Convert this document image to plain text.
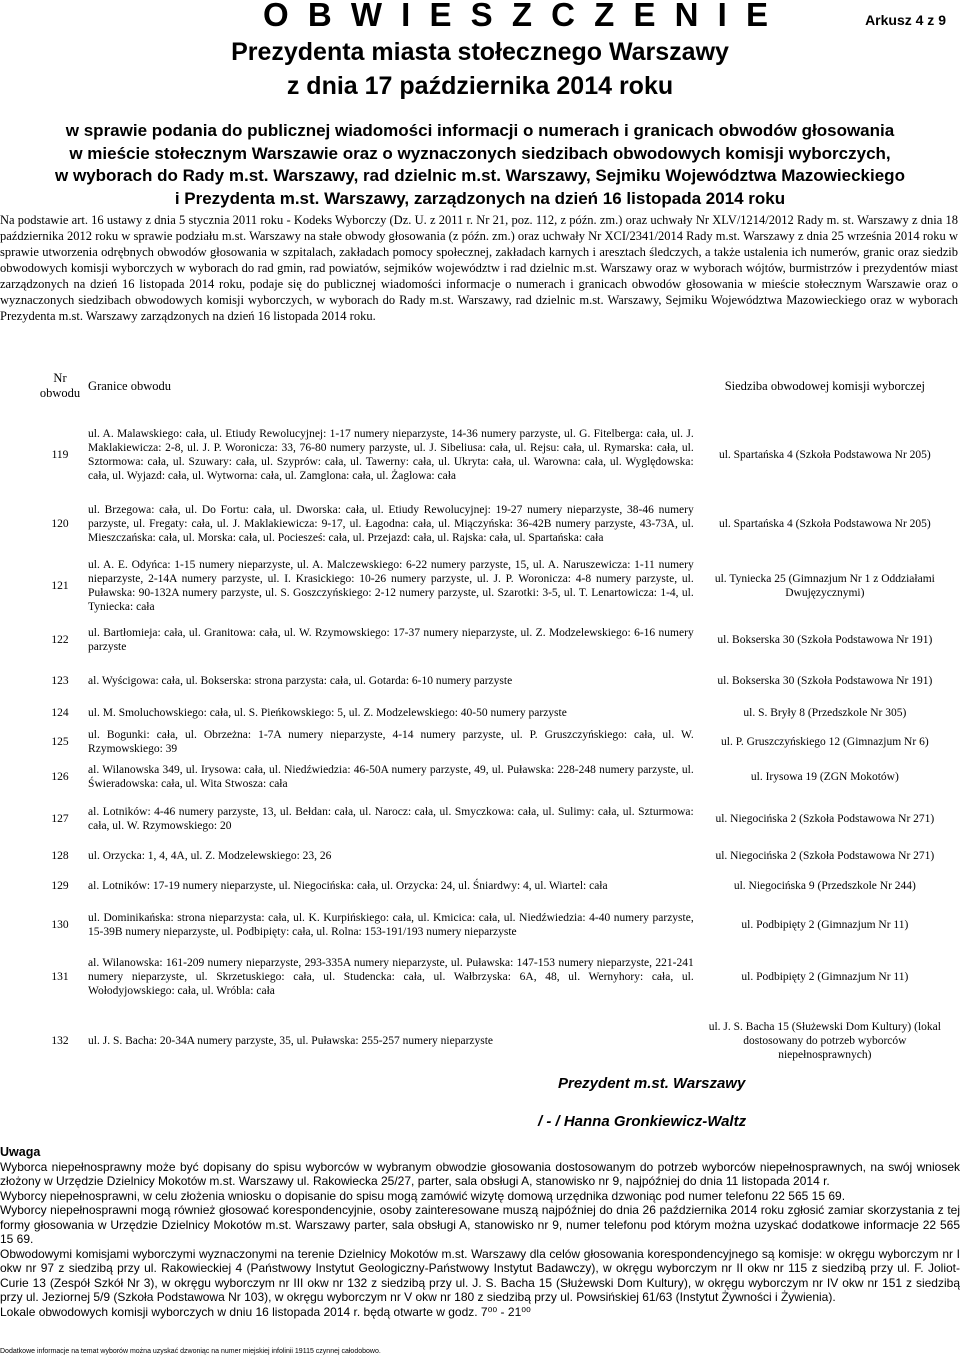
O B W I E S Z C Z E N I E	Arkusz 4 z 9
Prezydenta miasta stołecznego Warszawy
z dnia 17 października 2014 roku
w sprawie podania do publicznej wiadomości informacji o numerach i granicach obwodów głosowania
w mieście stołecznym Warszawie oraz o wyznaczonych siedzibach obwodowych komisji wyborczych,
w wyborach do Rady m.st. Warszawy, rad dzielnic m.st. Warszawy, Sejmiku Województwa Mazowieckiego
i Prezydenta m.st. Warszawy, zarządzonych na dzień 16 listopada 2014 roku
Na podstawie art. 16 ustawy z dnia 5 stycznia 2011 roku - Kodeks Wyborczy (Dz. U. z 2011 r. Nr 21, poz. 112, z późn. zm.) oraz uchwały Nr XLV/1214/2012 Rady m. st. Warszawy z dnia 18 października 2012 roku w sprawie podziału m.st. Warszawy na stałe obwody głosowania (z późn. zm.) oraz uchwały Nr XCI/2341/2014 Rady m.st. Warszawy z dnia 25 września 2014 roku w sprawie utworzenia odrębnych obwodów głosowania w szpitalach, zakładach pomocy społecznej, zakładach karnych i aresztach śledczych, a także ustalenia ich numerów, granic oraz siedzib obwodowych komisji wyborczych w wyborach do rad gmin, rad powiatów, sejmików województw i rad dzielnic m.st. Warszawy oraz w wyborach wójtów, burmistrzów i prezydentów miast zarządzonych na dzień 16 listopada 2014 roku, podaje się do publicznej wiadomości informacje o numerach i granicach obwodów głosowania w mieście stołecznym Warszawie oraz o wyznaczonych siedzibach obwodowych komisji wyborczych, w wyborach do Rady m.st. Warszawy, rad dzielnic m.st. Warszawy, Sejmiku Województwa Mazowieckiego oraz w wyborach Prezydenta m.st. Warszawy zarządzonych na dzień 16 listopada 2014 roku.
Nr obwodu	Granice obwodu	Siedziba obwodowej komisji wyborczej
119	ul. A. Malawskiego: cała, ul. Etiudy Rewolucyjnej: 1-17 numery nieparzyste, 14-36 numery parzyste, ul. G. Fitelberga: cała, ul. J. Maklakiewicza: 2-8, ul. J. P. Woronicza: 33, 76-80 numery parzyste, ul. J. Sibeliusa: cała, ul. Rejsu: cała, ul. Rymarska: cała, ul. Sztormowa: cała, ul. Szuwary: cała, ul. Szyprów: cała, ul. Tawerny: cała, ul. Ukryta: cała, ul. Warowna: cała, ul. Wyględowska: cała, ul. Wyjazd: cała, ul. Wytworna: cała, ul. Zamglona: cała, ul. Żaglowa: cała	ul. Spartańska 4 (Szkoła Podstawowa Nr 205)
120	ul. Brzegowa: cała, ul. Do Fortu: cała, ul. Dworska: cała, ul. Etiudy Rewolucyjnej: 19-27 numery nieparzyste, 38-46 numery parzyste, ul. Fregaty: cała, ul. J. Maklakiewicza: 9-17, ul. Łagodna: cała, ul. Miączyńska: 36-42B numery parzyste, 43-73A, ul. Mieszczańska: cała, ul. Morska: cała, ul. Pociesześ: cała, ul. Przejazd: cała, ul. Rajska: cała, ul. Spartańska: cała	ul. Spartańska 4 (Szkoła Podstawowa Nr 205)
121	ul. A. E. Odyńca: 1-15 numery nieparzyste, ul. A. Malczewskiego: 6-22 numery parzyste, 15, ul. A. Naruszewicza: 1-11 numery nieparzyste, 2-14A numery parzyste, ul. I. Krasickiego: 10-26 numery parzyste, ul. J. P. Woronicza: 4-8 numery parzyste, ul. Puławska: 90-132A numery parzyste, ul. S. Goszczyńskiego: 2-12 numery parzyste, ul. Szarotki: 3-5, ul. T. Lenartowicza: 1-4, ul. Tyniecka: cała	ul. Tyniecka 25 (Gimnazjum Nr 1 z Oddziałami Dwujęzycznymi)
122	ul. Bartłomieja: cała, ul. Granitowa: cała, ul. W. Rzymowskiego: 17-37 numery nieparzyste, ul. Z. Modzelewskiego: 6-16 numery parzyste	ul. Bokserska 30 (Szkoła Podstawowa Nr 191)
123	al. Wyścigowa: cała, ul. Bokserska: strona parzysta: cała, ul. Gotarda: 6-10 numery parzyste	ul. Bokserska 30 (Szkoła Podstawowa Nr 191)
124	ul. M. Smoluchowskiego: cała, ul. S. Pieńkowskiego: 5, ul. Z. Modzelewskiego: 40-50 numery parzyste	ul. S. Bryły 8 (Przedszkole Nr 305)
125	ul. Bogunki: cała, ul. Obrzeżna: 1-7A numery nieparzyste, 4-14 numery parzyste, ul. P. Gruszczyńskiego: cała, ul. W. Rzymowskiego: 39	ul. P. Gruszczyńskiego 12 (Gimnazjum Nr 6)
126	al. Wilanowska 349, ul. Irysowa: cała, ul. Niedźwiedzia: 46-50A numery parzyste, 49, ul. Puławska: 228-248 numery parzyste, ul. Świeradowska: cała, ul. Wita Stwosza: cała	ul. Irysowa 19 (ZGN Mokotów)
127	al. Lotników: 4-46 numery parzyste, 13, ul. Bełdan: cała, ul. Narocz: cała, ul. Smyczkowa: cała, ul. Sulimy: cała, ul. Szturmowa: cała, ul. W. Rzymowskiego: 20	ul. Niegocińska 2 (Szkoła Podstawowa Nr 271)
128	ul. Orzycka: 1, 4, 4A, ul. Z. Modzelewskiego: 23, 26	ul. Niegocińska 2 (Szkoła Podstawowa Nr 271)
129	al. Lotników: 17-19 numery nieparzyste, ul. Niegocińska: cała, ul. Orzycka: 24, ul. Śniardwy: 4, ul. Wiartel: cała	ul. Niegocińska 9 (Przedszkole Nr 244)
130	ul. Dominikańska: strona nieparzysta: cała, ul. K. Kurpińskiego: cała, ul. Kmicica: cała, ul. Niedźwiedzia: 4-40 numery parzyste, 15-39B numery nieparzyste, ul. Podbipięty: cała, ul. Rolna: 153-191/193 numery nieparzyste	ul. Podbipięty 2 (Gimnazjum Nr 11)
131	al. Wilanowska: 161-209 numery nieparzyste, 293-335A numery nieparzyste, ul. Puławska: 147-153 numery nieparzyste, 221-241 numery nieparzyste, ul. Skrzetuskiego: cała, ul. Studencka: cała, ul. Wałbrzyska: 6A, 48, ul. Wernyhory: cała, ul. Wołodyjowskiego: cała, ul. Wróbla: cała	ul. Podbipięty 2 (Gimnazjum Nr 11)
132	ul. J. S. Bacha: 20-34A numery parzyste, 35, ul. Puławska: 255-257 numery nieparzyste	ul. J. S. Bacha 15 (Służewski Dom Kultury) (lokal dostosowany do potrzeb wyborców niepełnosprawnych)
Prezydent m.st. Warszawy
/ - / Hanna Gronkiewicz-Waltz

Uwaga

Wyborca niepełnosprawny może być dopisany do spisu wyborców w wybranym obwodzie głosowania dostosowanym do potrzeb wyborców niepełnosprawnych, na swój wniosek złożony w Urzędzie Dzielnicy Mokotów m.st. Warszawy ul. Rakowiecka 25/27, parter, sala obsługi A, stanowisko nr 9, najpóźniej do dnia 11 listopada 2014 r.

Wyborcy niepełnosprawni, w celu złożenia wniosku o dopisanie do spisu mogą zamówić wizytę domową urzędnika dzwoniąc pod numer telefonu 22 565 15 69.

Wyborcy niepełnosprawni mogą również głosować korespondencyjnie, osoby zainteresowane muszą najpóźniej do dnia 26 października 2014 roku zgłosić zamiar skorzystania z tej formy głosowania w Urzędzie Dzielnicy Mokotów m.st. Warszawy parter, sala obsługi A, stanowisko nr 9, numer telefonu pod którym można uzyskać dodatkowe informacje 22 565 15 69.

Obwodowymi komisjami wyborczymi wyznaczonymi na terenie Dzielnicy Mokotów m.st. Warszawy dla celów głosowania korespondencyjnego są komisje: w okręgu wyborczym nr I okw nr 97 z siedzibą przy ul. Rakowieckiej 4 (Państwowy Instytut Geologiczny-Państwowy Instytut Badawczy), w okręgu wyborczym nr II okw nr 115 z siedzibą przy ul. F. Joliot-Curie 13 (Zespół Szkół Nr 3), w okręgu wyborczym nr III okw nr 132 z siedzibą przy ul. J. S. Bacha 15 (Służewski Dom Kultury), w okręgu wyborczym nr IV okw nr 151 z siedzibą przy ul. Jeziornej 5/9 (Szkoła Podstawowa Nr 103), w okręgu wyborczym nr V okw nr 180 z siedzibą przy ul. Powsińskiej 61/63 (Instytut Żywności i Żywienia).

Lokale obwodowych komisji wyborczych w dniu 16 listopada 2014 r. będą otwarte w godz. 7⁰⁰ - 21⁰⁰

Dodatkowe informacje na temat wyborów można uzyskać dzwoniąc na numer miejskiej infolinii 19115 czynnej całodobowo.
